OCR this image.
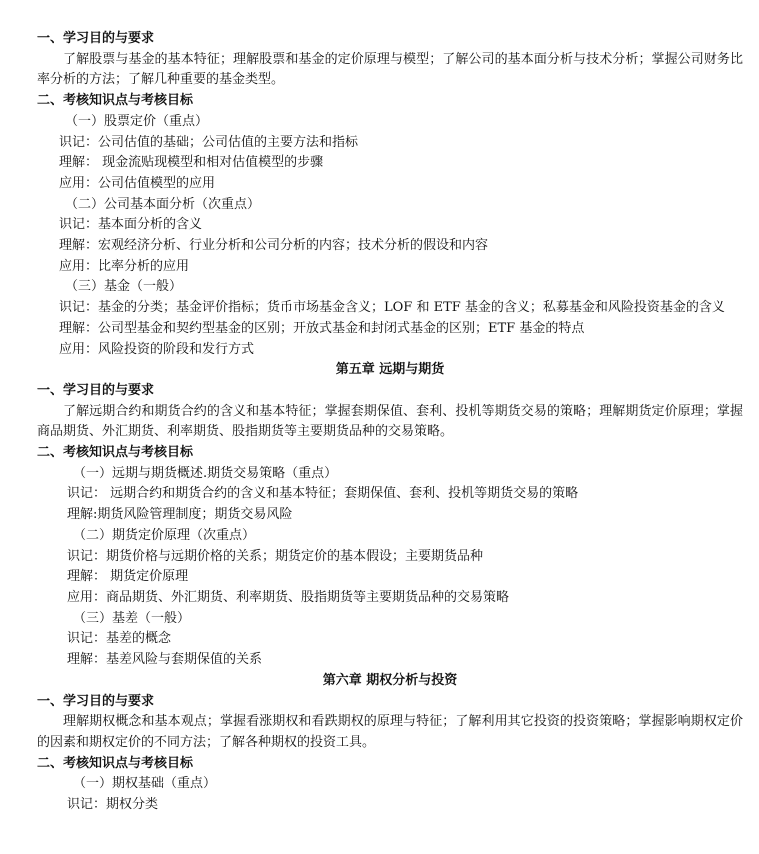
一、学习目的与要求
了解股票与基金的基本特征；理解股票和基金的定价原理与模型；了解公司的基本面分析与技术分析；掌握公司财务比率分析的方法；了解几种重要的基金类型。
二、考核知识点与考核目标
（一）股票定价（重点）
识记：公司估值的基础；公司估值的主要方法和指标
理解： 现金流贴现模型和相对估值模型的步骤
应用：公司估值模型的应用
（二）公司基本面分析（次重点）
识记：基本面分析的含义
理解：宏观经济分析、行业分析和公司分析的内容；技术分析的假设和内容
应用：比率分析的应用
（三）基金（一般）
识记：基金的分类；基金评价指标；货币市场基金含义；LOF 和 ETF 基金的含义；私募基金和风险投资基金的含义
理解：公司型基金和契约型基金的区别；开放式基金和封闭式基金的区别；ETF 基金的特点
应用：风险投资的阶段和发行方式
第五章 远期与期货
一、学习目的与要求
了解远期合约和期货合约的含义和基本特征；掌握套期保值、套利、投机等期货交易的策略；理解期货定价原理；掌握商品期货、外汇期货、利率期货、股指期货等主要期货品种的交易策略。
二、考核知识点与考核目标
（一）远期与期货概述.期货交易策略（重点）
识记： 远期合约和期货合约的含义和基本特征；套期保值、套利、投机等期货交易的策略
理解:期货风险管理制度；期货交易风险
（二）期货定价原理（次重点）
识记：期货价格与远期价格的关系；期货定价的基本假设；主要期货品种
理解： 期货定价原理
应用：商品期货、外汇期货、利率期货、股指期货等主要期货品种的交易策略
（三）基差（一般）
识记：基差的概念
理解：基差风险与套期保值的关系
第六章 期权分析与投资
一、学习目的与要求
理解期权概念和基本观点；掌握看涨期权和看跌期权的原理与特征；了解利用其它投资的投资策略；掌握影响期权定价的因素和期权定价的不同方法；了解各种期权的投资工具。
二、考核知识点与考核目标
（一）期权基础（重点）
识记：期权分类
